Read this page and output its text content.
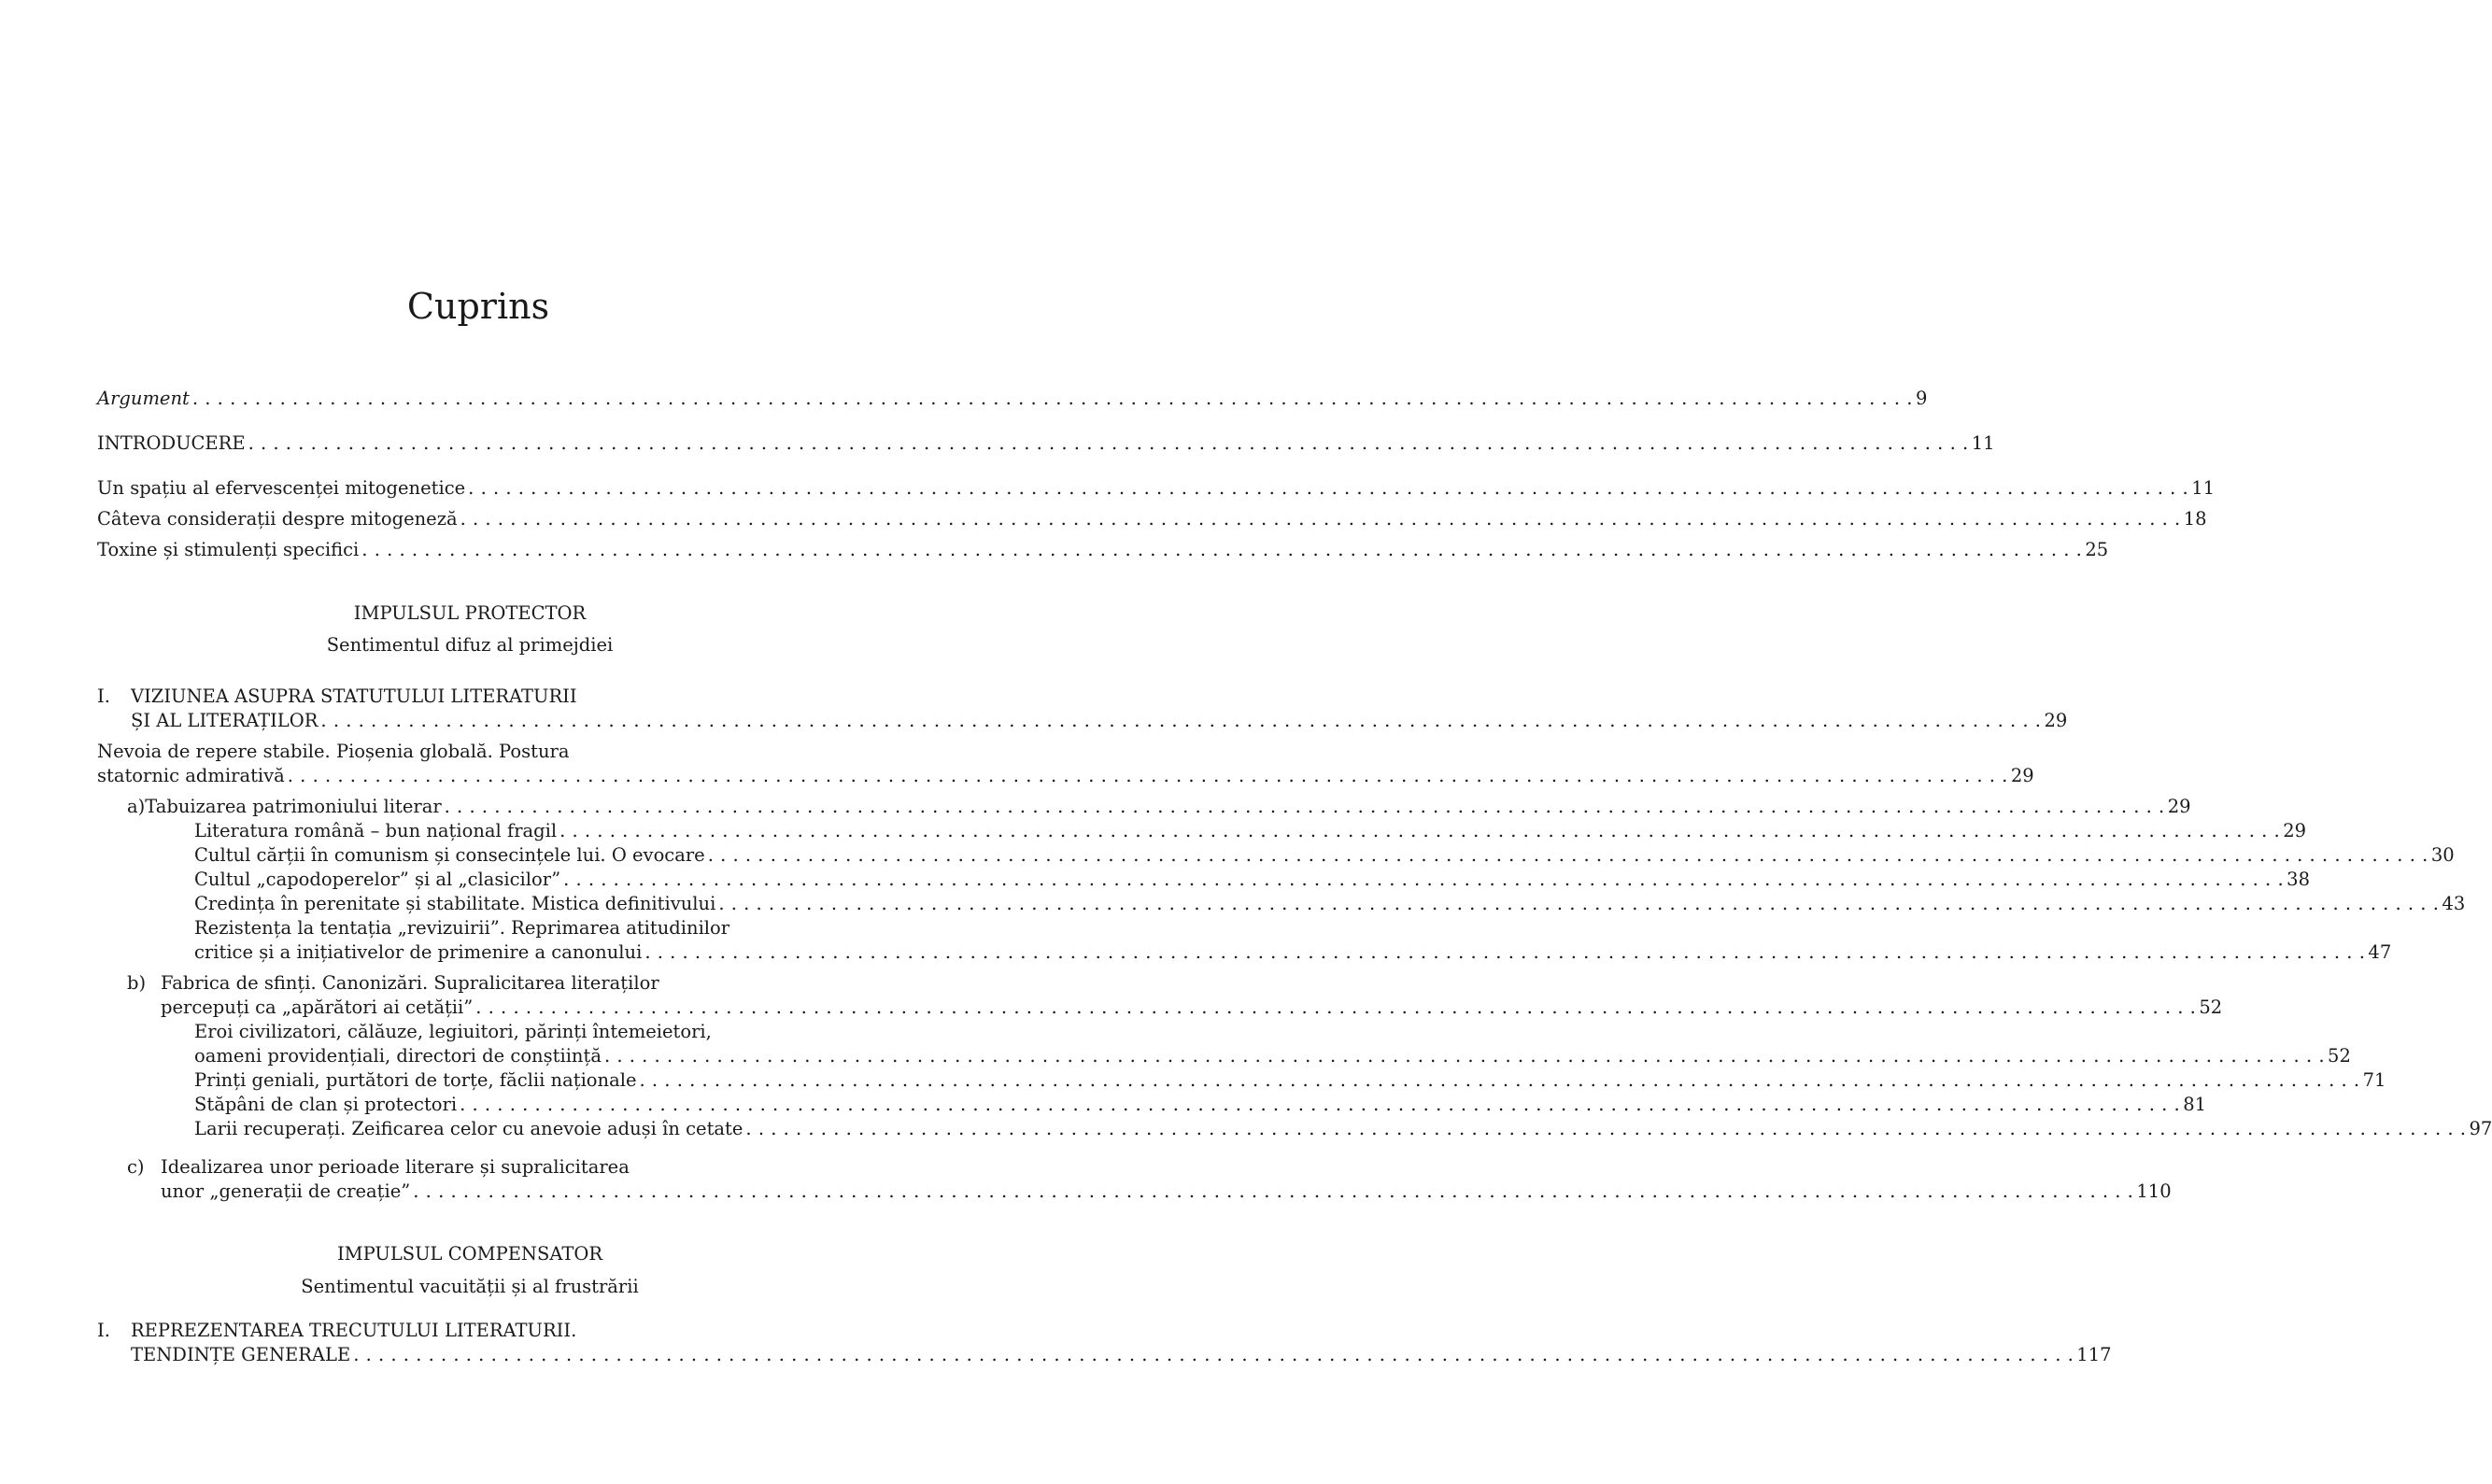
Cuprins
Argument . . .	9
INTRODUCERE . . .	11
Un spațiu al efervescenței mitogenetice . . .	11
Câteva considerații despre mitogeneză . . .	18
Toxine și stimulenți specifici . . .	25
IMPULSUL PROTECTOR
Sentimentul difuz al primejdiei
I. VIZIUNEA ASUPRA STATUTULUI LITERATURII
ȘI AL LITERAȚILOR . . .	29
Nevoia de repere stabile. Pioșenia globală. Postura
statornic admirativă . . .	29
a) Tabuizarea patrimoniului literar . . .	29
Literatura română – bun național fragil . . .	29
Cultul cărții în comunism și consecințele lui. O evocare . . .	30
Cultul „capodoperelor” și al „clasicilor” . . .	38
Credința în perenitate și stabilitate. Mistica definitivului . . .	43
Rezistența la tentația „revizuirii”. Reprimarea atitudinilor
critice și a inițiativelor de primenire a canonului . . .	47
b) Fabrica de sfinți. Canonizări. Supralicitarea literaților
percepuți ca „apărători ai cetății” . . .	52
Eroi civilizatori, călăuze, legiuitori, părinți întemeietori,
oameni providențiali, directori de conștiință . . .	52
Prinți geniali, purtători de torțe, făclii naționale . . .	71
Stăpâni de clan și protectori . . .	81
Larii recuperați. Zeificarea celor cu anevoie aduși în cetate . . .	97
c) Idealizarea unor perioade literare și supralicitarea
unor „generații de creație” . . .	110
IMPULSUL COMPENSATOR
Sentimentul vacuității și al frustrării
I. REPREZENTAREA TRECUTULUI LITERATURII.
TENDINȚE GENERALE . . .	117
